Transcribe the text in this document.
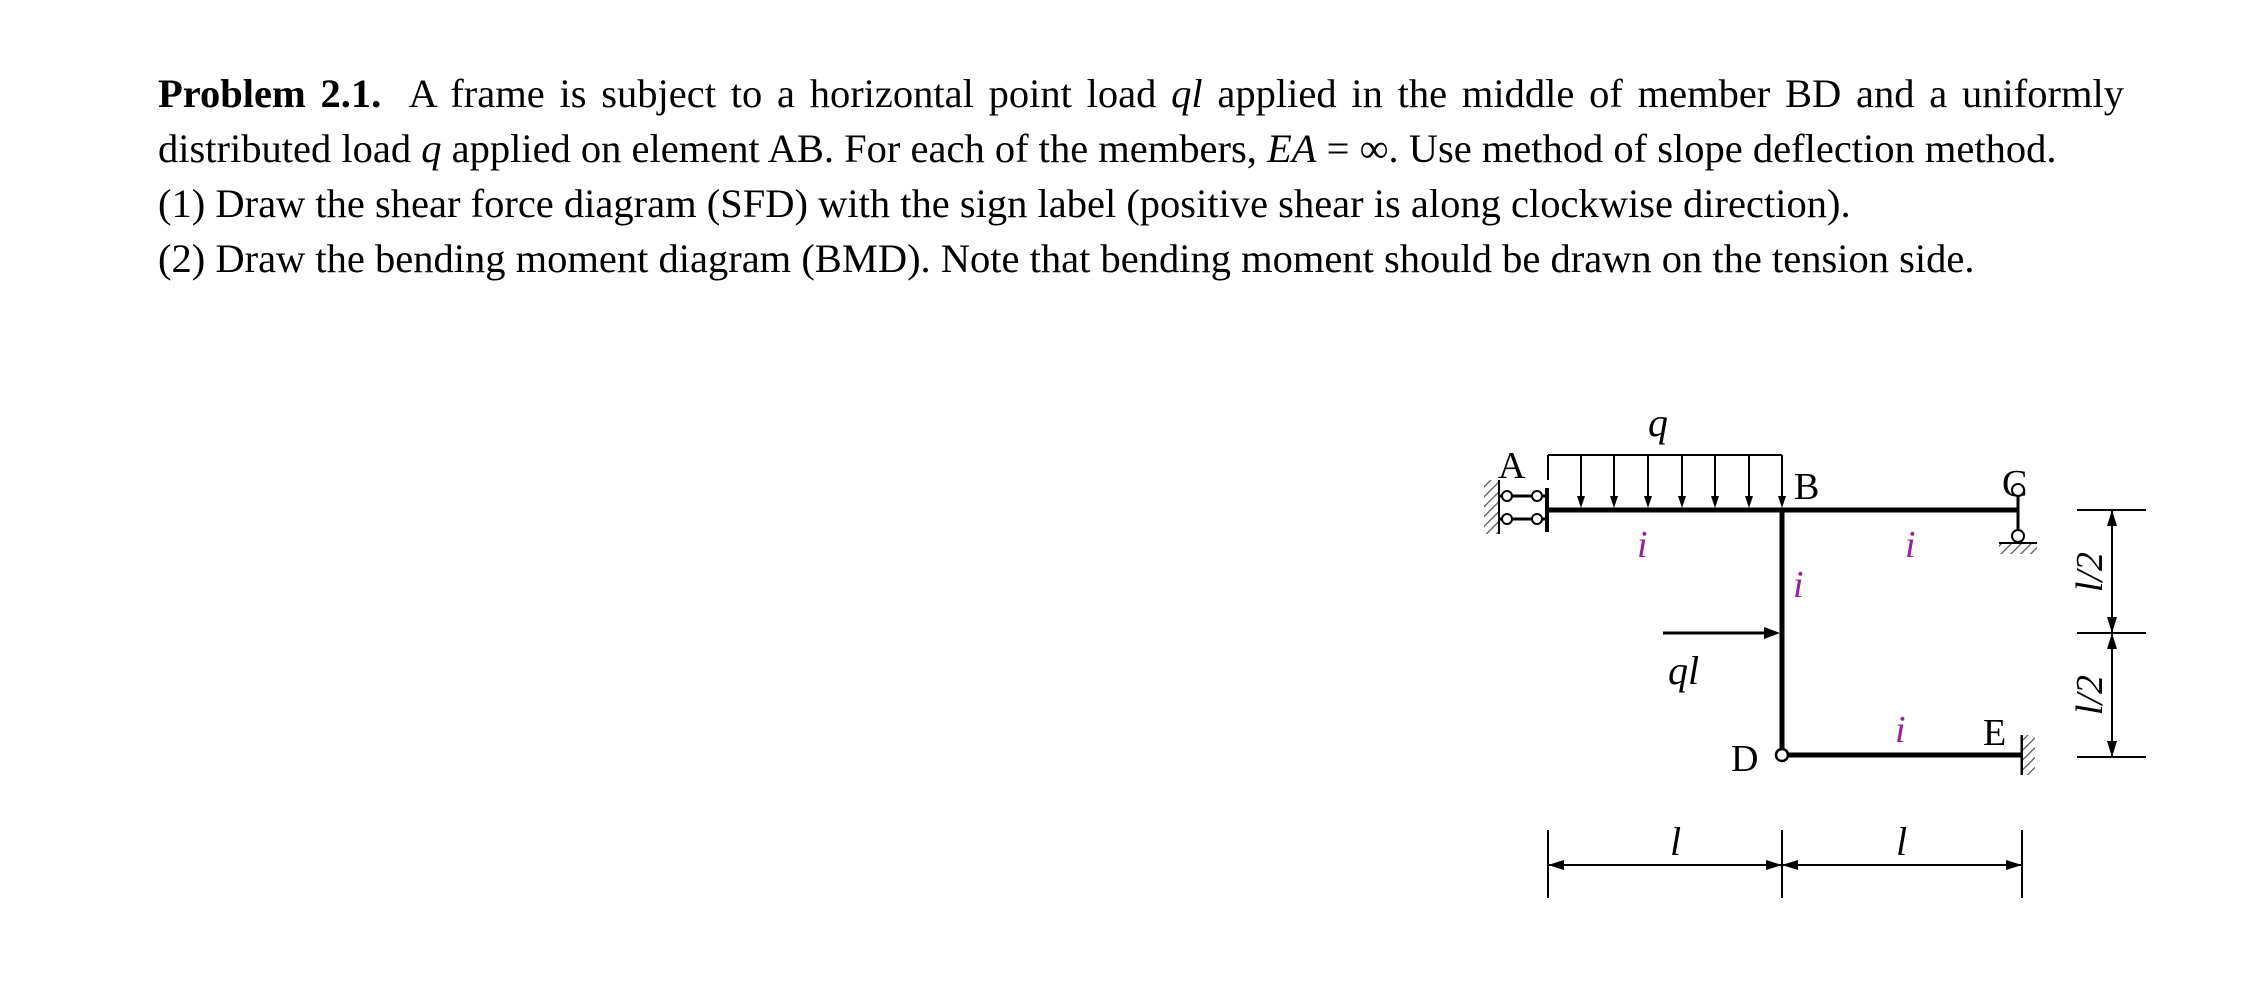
Problem 2.1. A frame is subject to a horizontal point load ql applied in the middle of member BD and a uniformly distributed load q applied on element AB. For each of the members, EA = ∞. Use method of slope deflection method.

(1) Draw the shear force diagram (SFD) with the sign label (positive shear is along clockwise direction).

(2) Draw the bending moment diagram (BMD). Note that bending moment should be drawn on the tension side.

A	B	C
D
E
q
ql
i	i
i
i
l	l
l/2
l/2
